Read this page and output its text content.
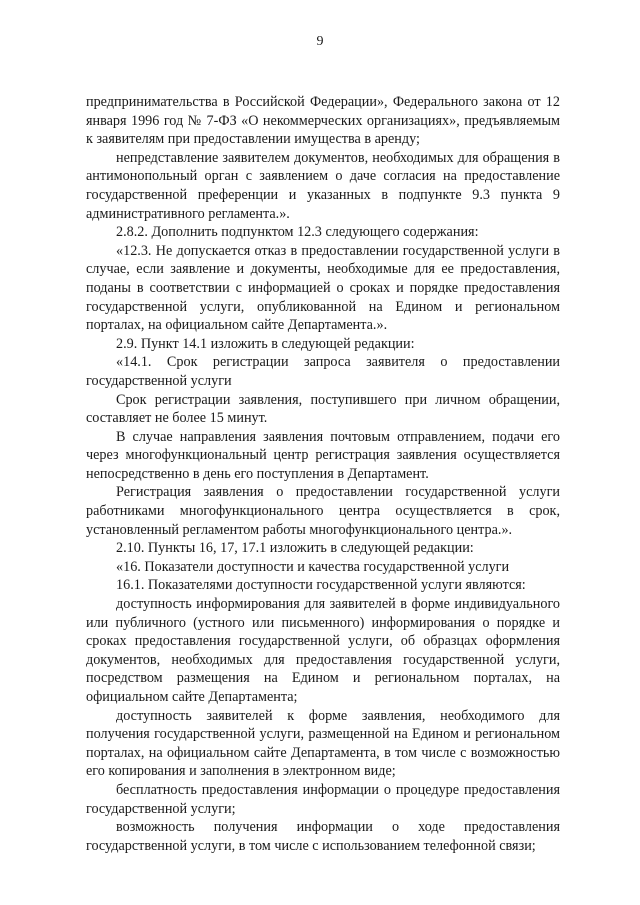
9

предпринимательства в Российской Федерации», Федерального закона от 12 января 1996 год № 7-ФЗ «О некоммерческих организациях», предъявляемым к заявителям при предоставлении имущества в аренду;

непредставление заявителем документов, необходимых для обращения в антимонопольный орган с заявлением о даче согласия на предоставление государственной преференции и указанных в подпункте 9.3 пункта 9 административного регламента.».

2.8.2. Дополнить подпунктом 12.3 следующего содержания:

«12.3. Не допускается отказ в предоставлении государственной услуги в случае, если заявление и документы, необходимые для ее предоставления, поданы в соответствии с информацией о сроках и порядке предоставления государственной услуги, опубликованной на Едином и региональном порталах, на официальном сайте Департамента.».

2.9. Пункт 14.1 изложить в следующей редакции:

«14.1. Срок регистрации запроса заявителя о предоставлении государственной услуги

Срок регистрации заявления, поступившего при личном обращении, составляет не более 15 минут.

В случае направления заявления почтовым отправлением, подачи его через многофункциональный центр регистрация заявления осуществляется непосредственно в день его поступления в Департамент.

Регистрация заявления о предоставлении государственной услуги работниками многофункционального центра осуществляется в срок, установленный регламентом работы многофункционального центра.».

2.10. Пункты 16, 17, 17.1 изложить в следующей редакции:

«16. Показатели доступности и качества государственной услуги

16.1. Показателями доступности государственной услуги являются:

доступность информирования для заявителей в форме индивидуального или публичного (устного или письменного) информирования о порядке и сроках предоставления государственной услуги, об образцах оформления документов, необходимых для предоставления государственной услуги, посредством размещения на Едином и региональном порталах, на официальном сайте Департамента;

доступность заявителей к форме заявления, необходимого для получения государственной услуги, размещенной на Едином и региональном порталах, на официальном сайте Департамента, в том числе с возможностью его копирования и заполнения в электронном виде;

бесплатность предоставления информации о процедуре предоставления государственной услуги;

возможность получения информации о ходе предоставления государственной услуги, в том числе с использованием телефонной связи;
